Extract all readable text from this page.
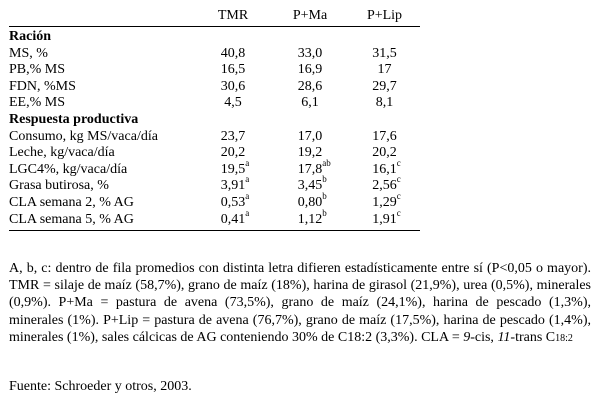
	TMR	P+Ma	P+Lip
Ración			
MS, %	40,8	33,0	31,5
PB,% MS	16,5	16,9	17
FDN, %MS	30,6	28,6	29,7
EE,% MS	4,5	6,1	8,1
Respuesta productiva			
Consumo, kg MS/vaca/día	23,7	17,0	17,6
Leche, kg/vaca/día	20,2	19,2	20,2
LGC4%, kg/vaca/día	19,5 a	17,8 ab	16,1 c

Grasa butirosa, %	3,91 a	3,45 b	2,56 c

CLA semana 2, % AG	0,53 a	0,80 b	1,29 c

CLA semana 5, % AG	0,41 a	1,12 b	1,91 c

A, b, c: dentro de fila promedios con distinta letra difieren estadísticamente entre sí (P<0,05 o mayor). TMR = silaje de maíz (58,7%), grano de maíz (18%), harina de girasol (21,9%), urea (0,5%), minerales (0,9%). P+Ma = pastura de avena (73,5%), grano de maíz (24,1%), harina de pescado (1,3%), minerales (1%). P+Lip = pastura de avena (76,7%), grano de maíz (17,5%), harina de pescado (1,4%), minerales (1%), sales cálcicas de AG conteniendo 30% de C18:2 (3,3%). CLA = 9-cis, 11-trans C18:2

Fuente: Schroeder y otros, 2003.
